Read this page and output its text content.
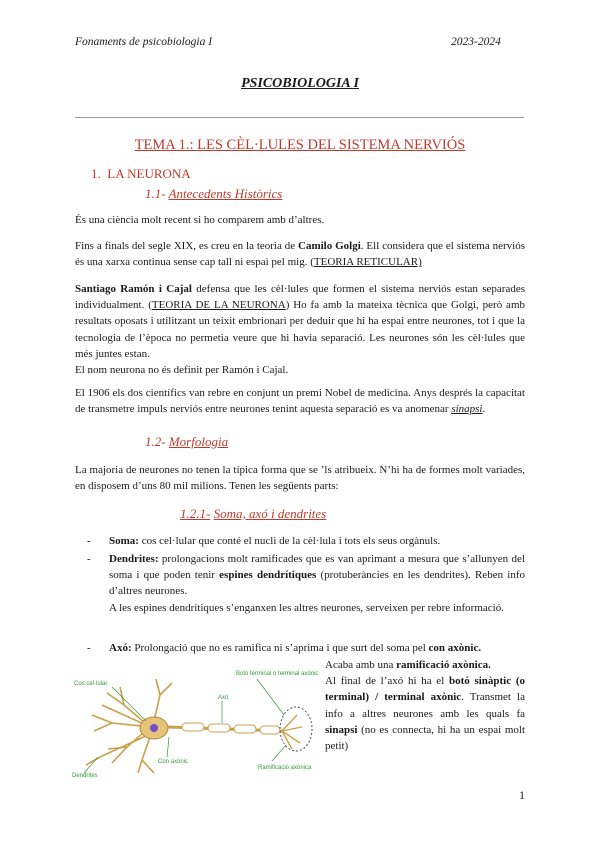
Fonaments de psicobiologia I	2023-2024
PSICOBIOLOGIA I
TEMA 1.: LES CÈL·LULES DEL SISTEMA NERVIÓS
1. LA NEURONA
1.1- Antecedents Històrics
És una ciència molt recent si ho comparem amb d’altres.
Fins a finals del segle XIX, es creu en la teoria de Camilo Golgi. Ell considera que el sistema nerviós és una xarxa continua sense cap tall ni espai pel mig. (TEORIA RETICULAR)
Santiago Ramón i Cajal defensa que les cèl·lules que formen el sistema nerviós estan separades individualment. (TEORIA DE LA NEURONA) Ho fa amb la mateixa tècnica que Golgi, però amb resultats oposats i utilitzant un teixit embrionari per deduir que hi ha espai entre neurones, tot i que la tecnologia de l’època no permetia veure que hi havia separació. Les neurones són les cèl·lules que més juntes estan.
El nom neurona no és definit per Ramón i Cajal.
El 1906 els dos científics van rebre en conjunt un premi Nobel de medicina. Anys després la capacitat de transmetre impuls nerviós entre neurones tenint aquesta separació es va anomenar sinapsi.
1.2- Morfologia
La majoria de neurones no tenen la típica forma que se ’ls atribueix. N’hi ha de formes molt variades, en disposem d’uns 80 mil milions. Tenen les següents parts:
1.2.1- Soma, axó i dendrites
- Soma: cos cel·lular que conté el nucli de la cèl·lula i tots els seus orgànuls.
- Dendrites: prolongacions molt ramificades que es van aprimant a mesura que s’allunyen del soma i que poden tenir espines dendrítiques (protuberàncies en les dendrites). Reben info d’altres neurones.
A les espines dendrítiques s’enganxen les altres neurones, serveixen per rebre informació.
- Axó: Prolongació que no es ramifica ni s’aprima i que surt del soma pel con axònic.
Acaba amb una ramificació axònica.
Al final de l’axó hi ha el botó sinàptic (o terminal) / terminal axònic. Transmet la info a altres neurones amb les quals fa sinapsi (no es connecta, hi ha un espai molt petit)
Cos cel·lular
Botó terminal o terminal axònic
Axó
Dendrites
Con axònic
Ramificació axònica
1
